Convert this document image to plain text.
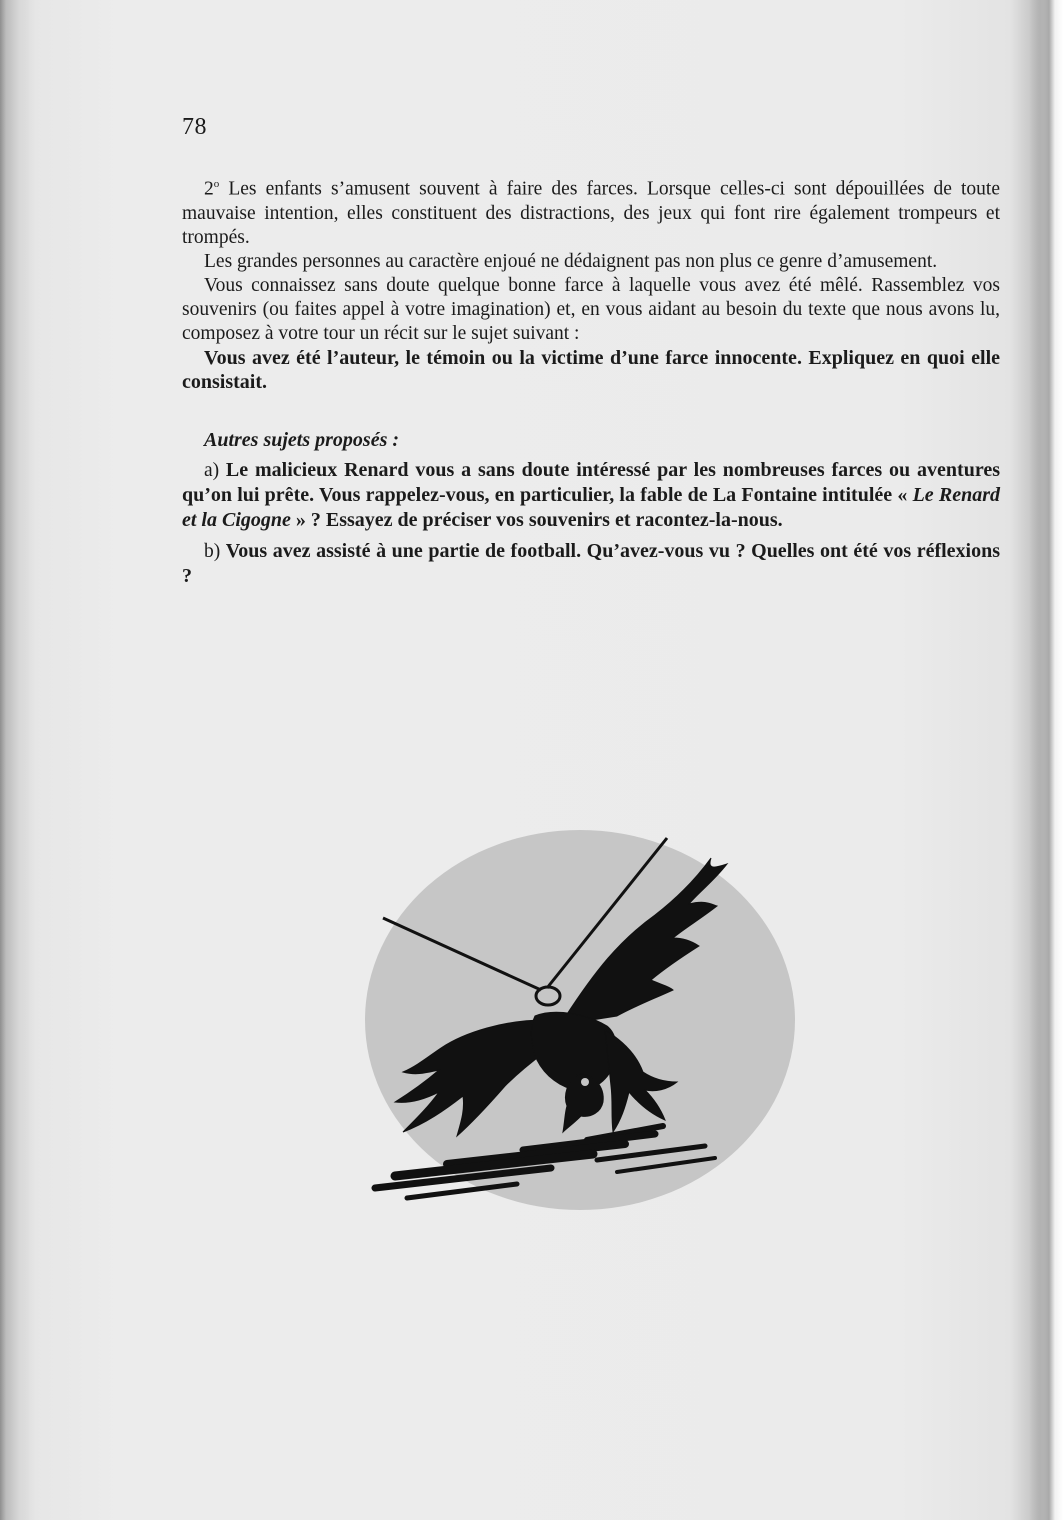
78

2$^o$ Les enfants s’amusent souvent à faire des farces. Lorsque celles-ci sont dépouillées de toute mauvaise intention, elles constituent des distractions, des jeux qui font rire également trompeurs et trompés.

Les grandes personnes au caractère enjoué ne dédaignent pas non plus ce genre d’amusement.

Vous connaissez sans doute quelque bonne farce à laquelle vous avez été mêlé. Rassemblez vos souvenirs (ou faites appel à votre imagination) et, en vous aidant au besoin du texte que nous avons lu, composez à votre tour un récit sur le sujet suivant :

Vous avez été l’auteur, le témoin ou la victime d’une farce innocente. Expliquez en quoi elle consistait.

Autres sujets proposés :

a) Le malicieux Renard vous a sans doute intéressé par les nombreuses farces ou aventures qu’on lui prête. Vous rappelez-vous, en particulier, la fable de La Fontaine intitulée « Le Renard et la Cigogne » ? Essayez de préciser vos souvenirs et racontez-la-nous.

b) Vous avez assisté à une partie de football. Qu’avez-vous vu ? Quelles ont été vos réflexions ?
